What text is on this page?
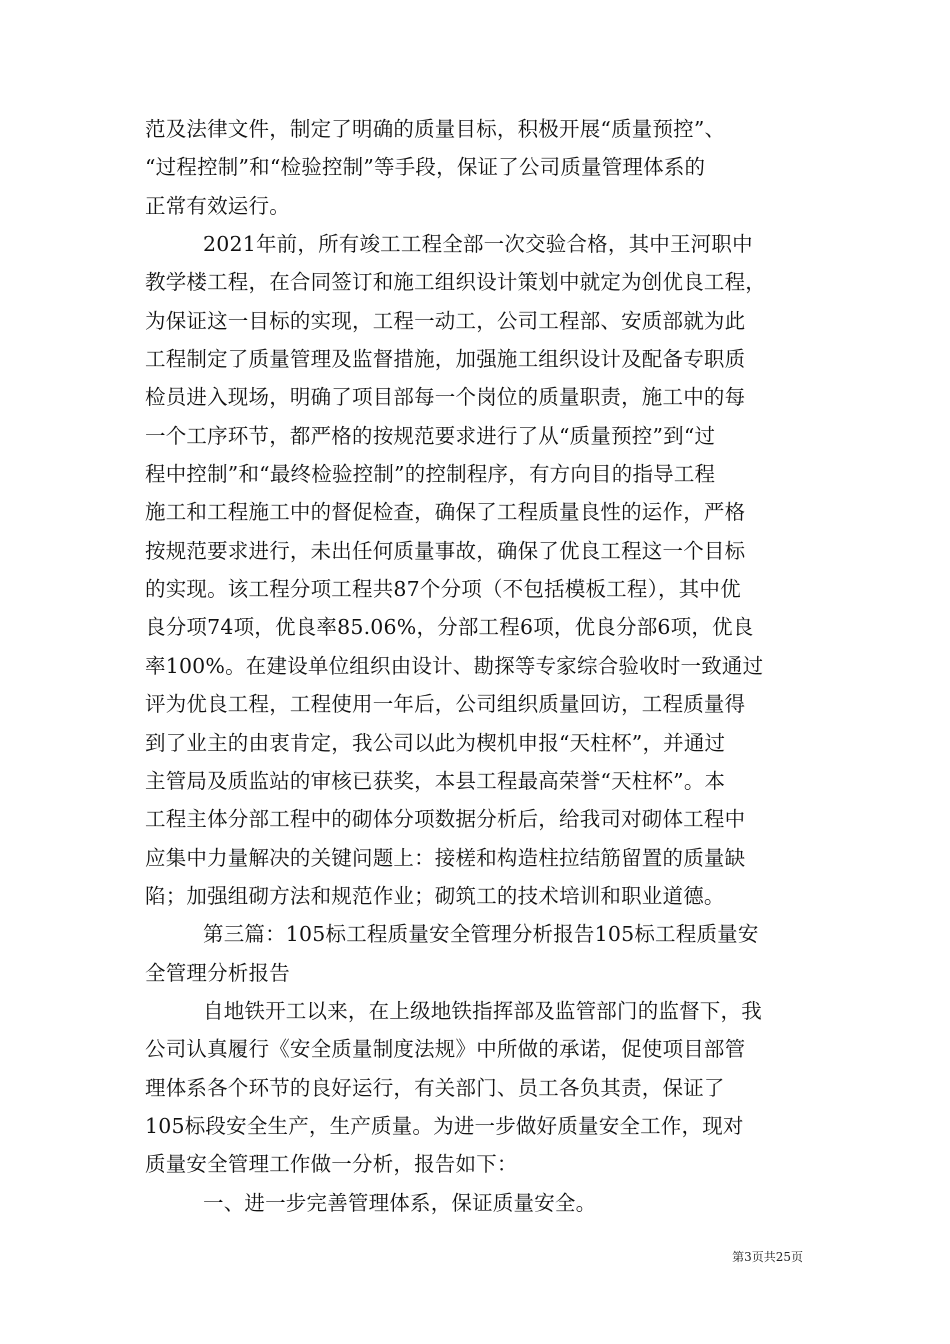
范及法律文件，制定了明确的质量目标，积极开展“质量预控”、
“过程控制”和“检验控制”等手段，保证了公司质量管理体系的
正常有效运行。
2021年前，所有竣工工程全部一次交验合格，其中王河职中
教学楼工程，在合同签订和施工组织设计策划中就定为创优良工程，
为保证这一目标的实现，工程一动工，公司工程部、安质部就为此
工程制定了质量管理及监督措施，加强施工组织设计及配备专职质
检员进入现场，明确了项目部每一个岗位的质量职责，施工中的每
一个工序环节，都严格的按规范要求进行了从“质量预控”到“过
程中控制”和“最终检验控制”的控制程序，有方向目的指导工程
施工和工程施工中的督促检查，确保了工程质量良性的运作，严格
按规范要求进行，未出任何质量事故，确保了优良工程这一个目标
的实现。该工程分项工程共87个分项（不包括模板工程），其中优
良分项74项，优良率85.06%，分部工程6项，优良分部6项，优良
率100%。在建设单位组织由设计、勘探等专家综合验收时一致通过
评为优良工程，工程使用一年后，公司组织质量回访，工程质量得
到了业主的由衷肯定，我公司以此为楔机申报“天柱杯”，并通过
主管局及质监站的审核已获奖，本县工程最高荣誉“天柱杯”。本
工程主体分部工程中的砌体分项数据分析后，给我司对砌体工程中
应集中力量解决的关键问题上：接槎和构造柱拉结筋留置的质量缺
陷；加强组砌方法和规范作业；砌筑工的技术培训和职业道德。
第三篇：105标工程质量安全管理分析报告105标工程质量安
全管理分析报告
自地铁开工以来，在上级地铁指挥部及监管部门的监督下，我
公司认真履行《安全质量制度法规》中所做的承诺，促使项目部管
理体系各个环节的良好运行，有关部门、员工各负其责，保证了
105标段安全生产，生产质量。为进一步做好质量安全工作，现对
质量安全管理工作做一分析，报告如下：
一、进一步完善管理体系，保证质量安全。
第3页共25页
